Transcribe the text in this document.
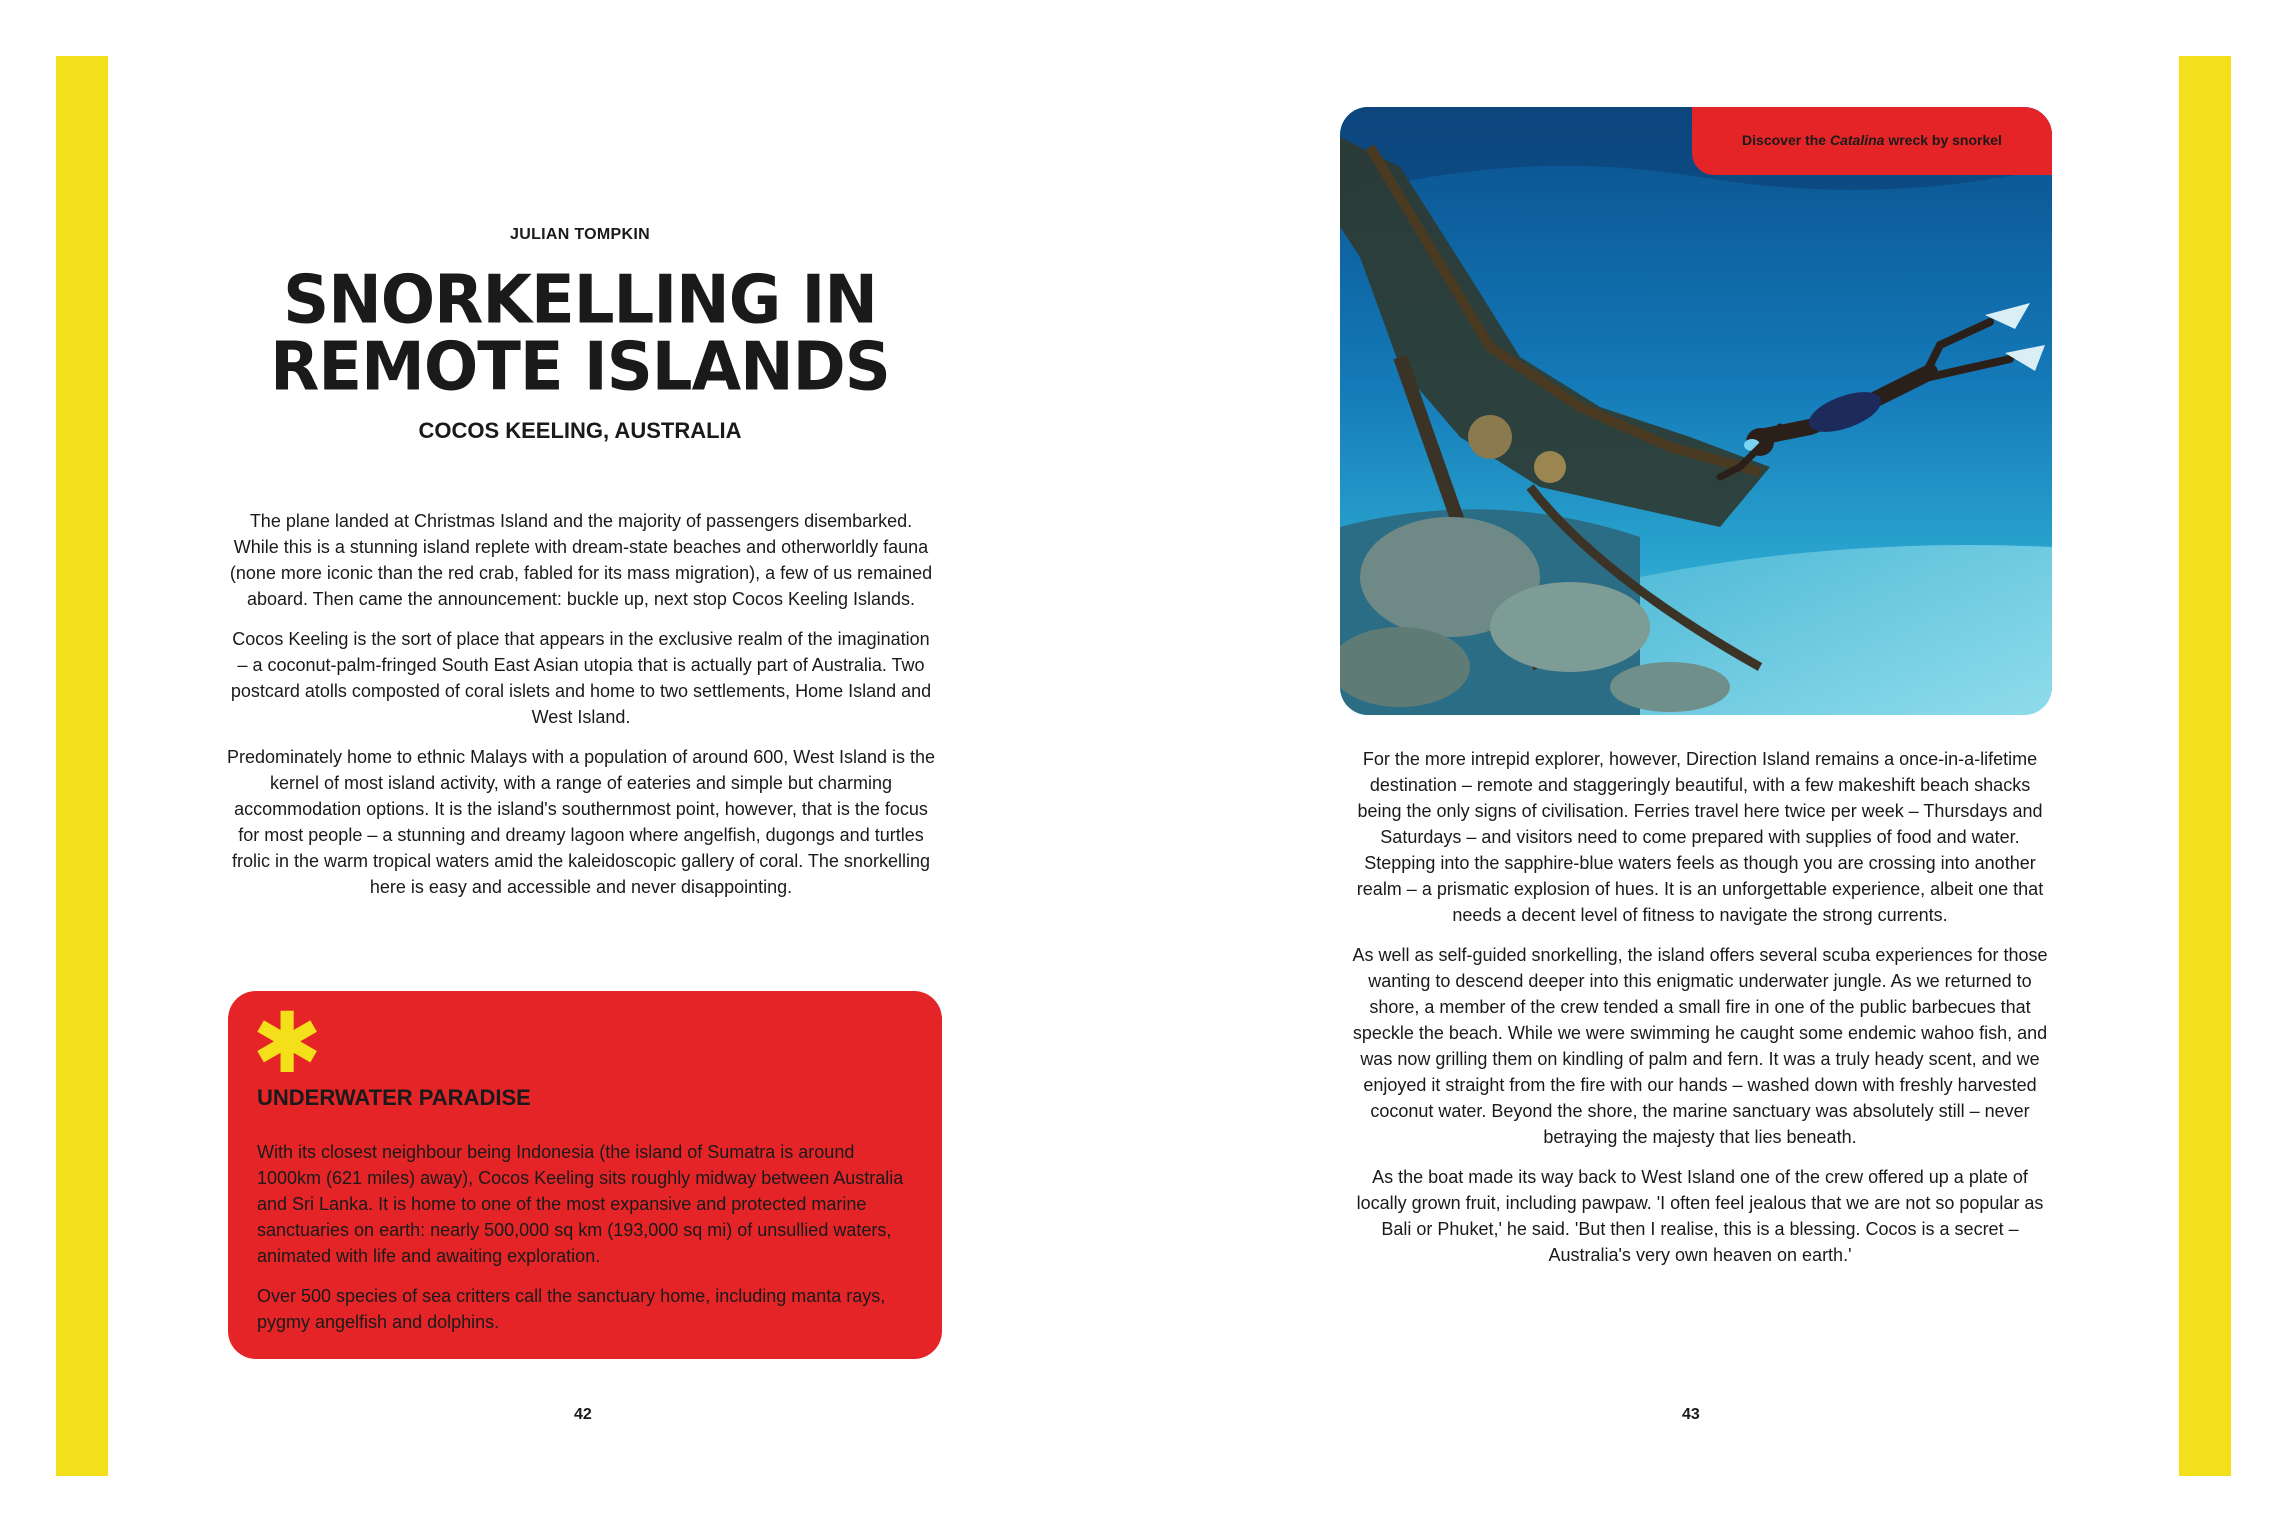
JULIAN TOMPKIN
SNORKELLING IN
REMOTE ISLANDS
COCOS KEELING, AUSTRALIA

The plane landed at Christmas Island and the majority of passengers disembarked. While this is a stunning island replete with dream-state beaches and otherworldly fauna (none more iconic than the red crab, fabled for its mass migration), a few of us remained aboard. Then came the announcement: buckle up, next stop Cocos Keeling Islands.

Cocos Keeling is the sort of place that appears in the exclusive realm of the imagination – a coconut-palm-fringed South East Asian utopia that is actually part of Australia. Two postcard atolls composted of coral islets and home to two settlements, Home Island and West Island.

Predominately home to ethnic Malays with a population of around 600, West Island is the kernel of most island activity, with a range of eateries and simple but charming accommodation options. It is the island's southernmost point, however, that is the focus for most people – a stunning and dreamy lagoon where angelfish, dugongs and turtles frolic in the warm tropical waters amid the kaleidoscopic gallery of coral. The snorkelling here is easy and accessible and never disappointing.

✱
UNDERWATER PARADISE

With its closest neighbour being Indonesia (the island of Sumatra is around 1000km (621 miles) away), Cocos Keeling sits roughly midway between Australia and Sri Lanka. It is home to one of the most expansive and protected marine sanctuaries on earth: nearly 500,000 sq km (193,000 sq mi) of unsullied waters, animated with life and awaiting exploration.

Over 500 species of sea critters call the sanctuary home, including manta rays, pygmy angelfish and dolphins.

42
Discover the Catalina wreck by snorkel

For the more intrepid explorer, however, Direction Island remains a once-in-a-lifetime destination – remote and staggeringly beautiful, with a few makeshift beach shacks being the only signs of civilisation. Ferries travel here twice per week – Thursdays and Saturdays – and visitors need to come prepared with supplies of food and water. Stepping into the sapphire-blue waters feels as though you are crossing into another realm – a prismatic explosion of hues. It is an unforgettable experience, albeit one that needs a decent level of fitness to navigate the strong currents.

As well as self-guided snorkelling, the island offers several scuba experiences for those wanting to descend deeper into this enigmatic underwater jungle. As we returned to shore, a member of the crew tended a small fire in one of the public barbecues that speckle the beach. While we were swimming he caught some endemic wahoo fish, and was now grilling them on kindling of palm and fern. It was a truly heady scent, and we enjoyed it straight from the fire with our hands – washed down with freshly harvested coconut water. Beyond the shore, the marine sanctuary was absolutely still – never betraying the majesty that lies beneath.

As the boat made its way back to West Island one of the crew offered up a plate of locally grown fruit, including pawpaw. 'I often feel jealous that we are not so popular as Bali or Phuket,' he said. 'But then I realise, this is a blessing. Cocos is a secret – Australia's very own heaven on earth.'

43
